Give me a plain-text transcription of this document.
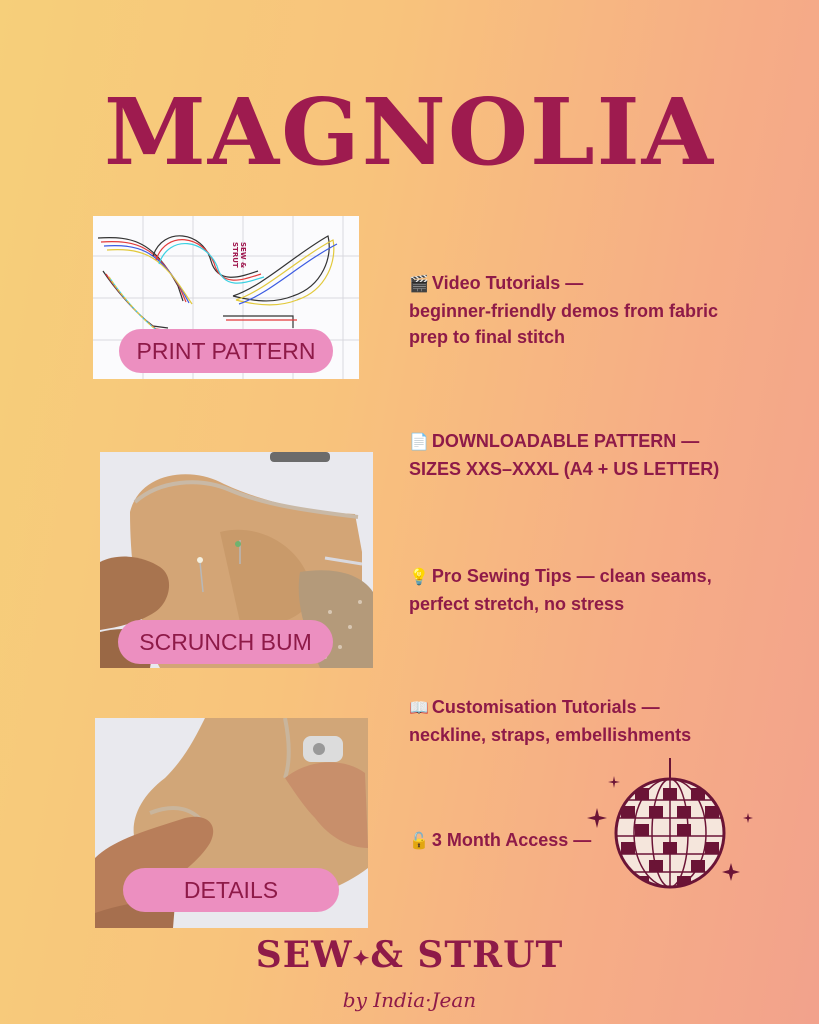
MAGNOLIA
SEW &
STRUT
PRINT PATTERN
SCRUNCH BUM
DETAILS
🎬 Video Tutorials —
beginner-friendly demos from fabric
prep to final stitch
📄 DOWNLOADABLE PATTERN —
SIZES XXS–XXXL (A4 + US LETTER)
💡 Pro Sewing Tips — clean seams,
perfect stretch, no stress
📖 Customisation Tutorials —
neckline, straps, embellishments
🔓 3 Month Access —
SEW✦& STRUT
by India·Jean
